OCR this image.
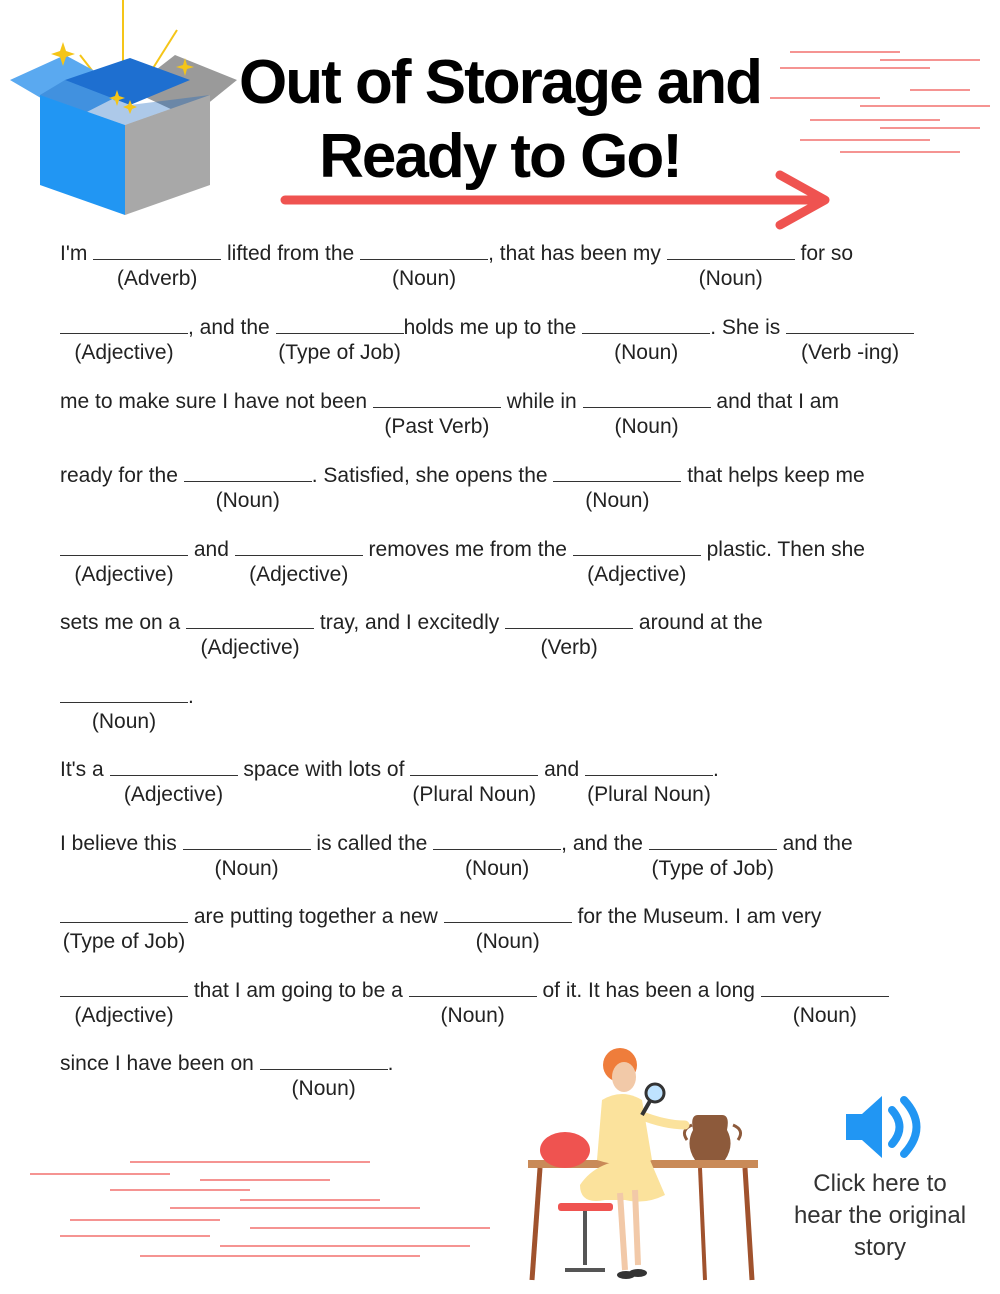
Out of Storage and
Ready to Go!
I'm	lifted from the	, that has been my	for so
(Adverb)	(Noun)	(Noun)
, and the	holds me up to the	. She is
(Adjective)	(Type of Job)	(Noun)	(Verb -ing)
me to make sure I have not been	while in	and that I am
(Past Verb)	(Noun)
ready for the	. Satisfied, she opens the	that helps keep me
(Noun)	(Noun)
and	removes me from the	plastic. Then she
(Adjective)	(Adjective)	(Adjective)
sets me on a	tray, and I excitedly	around at the
(Adjective)	(Verb)
.
(Noun)
It's a	space with lots of	and	.
(Adjective)	(Plural Noun) (Plural Noun)
I believe this	is called the	, and the	and the
(Noun)	(Noun)	(Type of Job)
are putting together a new	for the Museum. I am very
(Type of Job)	(Noun)
that I am going to be a	of it. It has been a long
(Adjective)	(Noun)	(Noun)
since I have been on	.
(Noun)
Click here to hear the original story
